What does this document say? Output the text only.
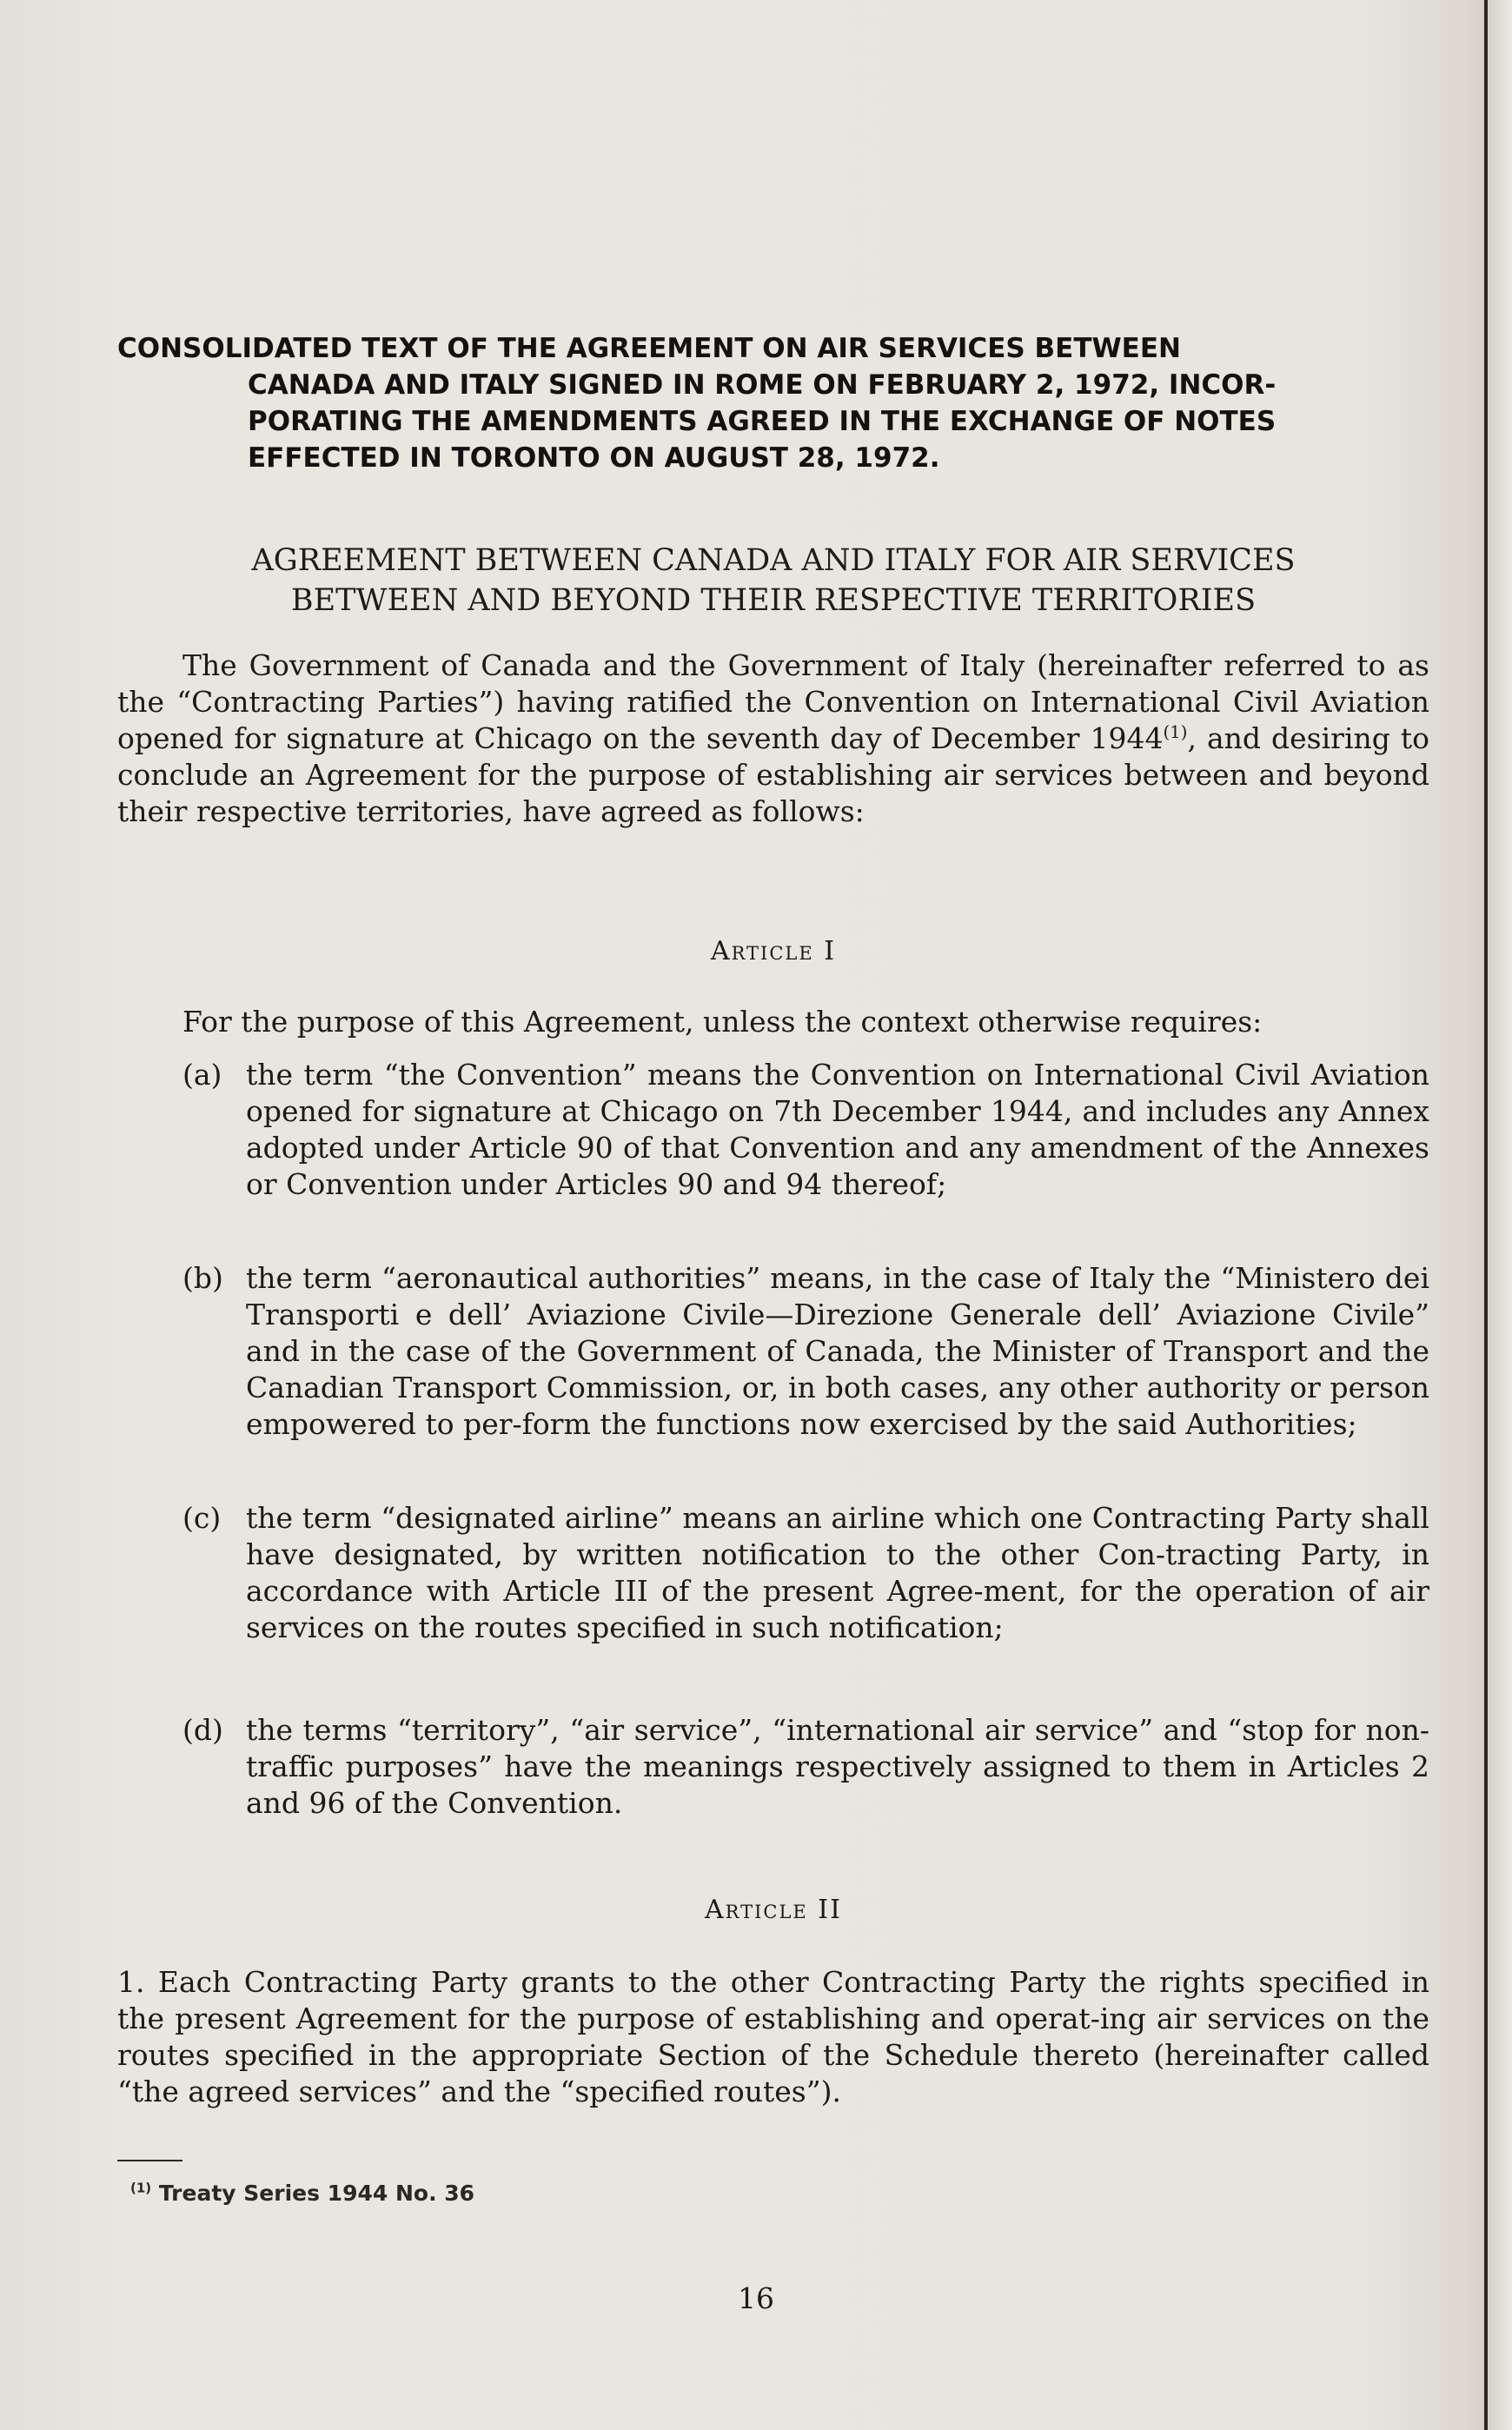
CONSOLIDATED TEXT OF THE AGREEMENT ON AIR SERVICES BETWEEN

CANADA AND ITALY SIGNED IN ROME ON FEBRUARY 2, 1972, INCOR-
PORATING THE AMENDMENTS AGREED IN THE EXCHANGE OF NOTES
EFFECTED IN TORONTO ON AUGUST 28, 1972.
AGREEMENT BETWEEN CANADA AND ITALY FOR AIR SERVICES
BETWEEN AND BEYOND THEIR RESPECTIVE TERRITORIES
The Government of Canada and the Government of Italy (hereinafter referred to as the “Contracting Parties”) having ratified the Convention on International Civil Aviation opened for signature at Chicago on the seventh day of December 1944$^{(1)}$, and desiring to conclude an Agreement for the purpose of establishing air services between and beyond their respective territories, have agreed as follows:
Article I
For the purpose of this Agreement, unless the context otherwise requires:
(a) the term “the Convention” means the Convention on International Civil Aviation opened for signature at Chicago on 7th December 1944, and includes any Annex adopted under Article 90 of that Convention and any amendment of the Annexes or Convention under Articles 90 and 94 thereof;
(b) the term “aeronautical authorities” means, in the case of Italy the “Ministero dei Transporti e dell’ Aviazione Civile—Direzione Generale dell’ Aviazione Civile” and in the case of the Government of Canada, the Minister of Transport and the Canadian Transport Commission, or, in both cases, any other authority or person empowered to per-form the functions now exercised by the said Authorities;
(c) the term “designated airline” means an airline which one Contracting Party shall have designated, by written notification to the other Con-tracting Party, in accordance with Article III of the present Agree-ment, for the operation of air services on the routes specified in such notification;
(d) the terms “territory”, “air service”, “international air service” and “stop for non-traffic purposes” have the meanings respectively assigned to them in Articles 2 and 96 of the Convention.
Article II
1. Each Contracting Party grants to the other Contracting Party the rights specified in the present Agreement for the purpose of establishing and operat-ing air services on the routes specified in the appropriate Section of the Schedule thereto (hereinafter called “the agreed services” and the “specified routes”).
$^{(1)}$ Treaty Series 1944 No. 36
16
